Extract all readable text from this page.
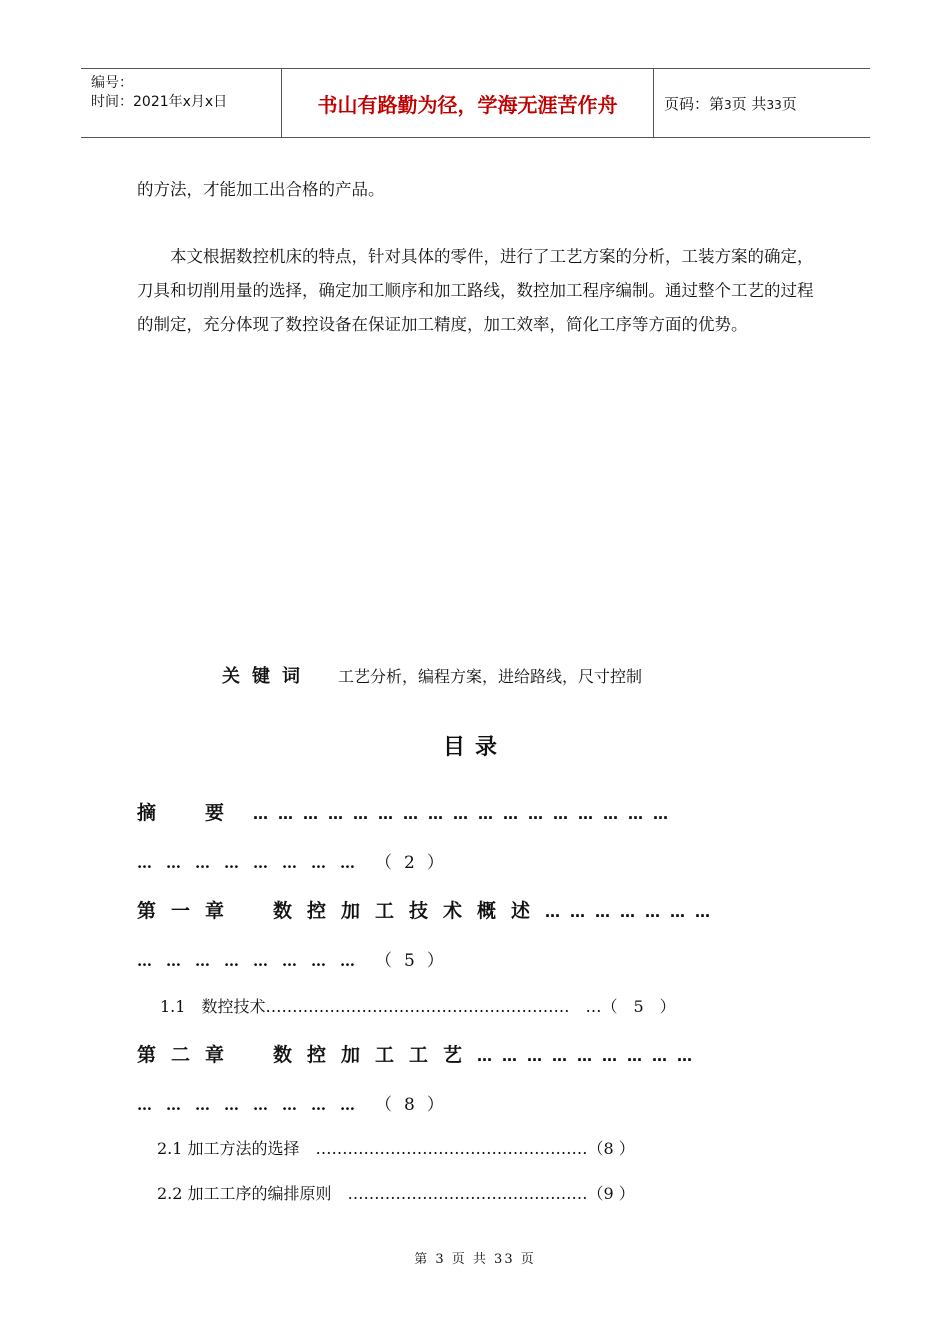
编号：
时间：2021年x月x日	书山有路勤为径，学海无涯苦作舟	页码：第3页 共33页
的方法，才能加工出合格的产品。
本文根据数控机床的特点，针对具体的零件，进行了工艺方案的分析，工装方案的确定，刀具和切削用量的选择，确定加工顺序和加工路线，数控加工程序编制。通过整个工艺的过程的制定，充分体现了数控设备在保证加工精度，加工效率，简化工序等方面的优势。
关键词 工艺分析，编程方案，进给路线，尺寸控制
目录
摘　要 ……………………………………………
…………………… （2）
第一章　数控加工技术概述…………………
…………………… （5）
1.1　数控技术…………………………………………………　…（　5　）
第二章　数控加工工艺………………………
…………………… （8）
2.1 加工方法的选择　……………………………………………（8 ）
2.2 加工工序的编排原则　………………………………………（9 ）
第 3 页 共 33 页
